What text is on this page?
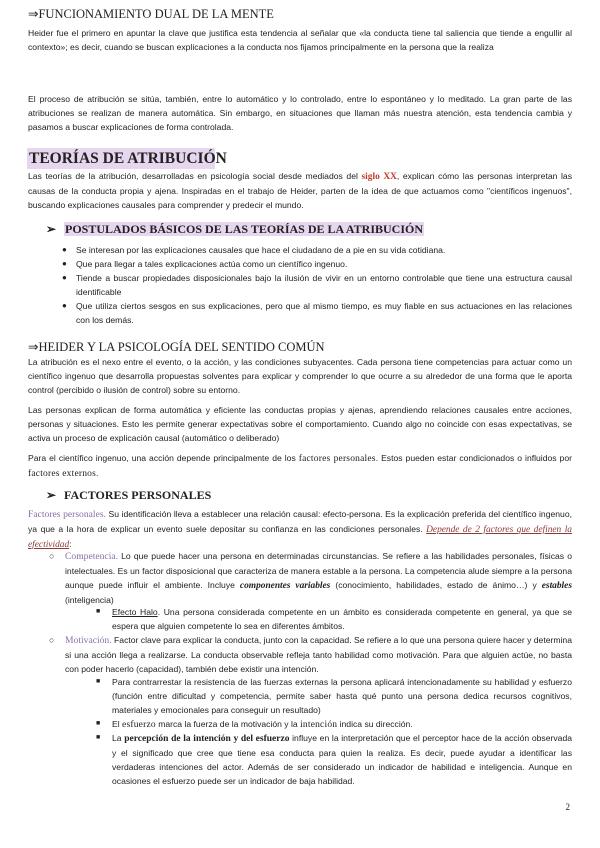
⇒FUNCIONAMIENTO DUAL DE LA MENTE

Heider fue el primero en apuntar la clave que justifica esta tendencia al señalar que «la conducta tiene tal saliencia que tiende a engullir al contexto»; es decir, cuando se buscan explicaciones a la conducta nos fijamos principalmente en la persona que la realiza

El proceso de atribución se sitúa, también, entre lo automático y lo controlado, entre lo espontáneo y lo meditado. La gran parte de las atribuciones se realizan de manera automática. Sin embargo, en situaciones que llaman más nuestra atención, esta tendencia cambia y pasamos a buscar explicaciones de forma controlada.

TEORÍAS DE ATRIBUCIÓN

Las teorías de la atribución, desarrolladas en psicología social desde mediados del siglo XX, explican cómo las personas interpretan las causas de la conducta propia y ajena. Inspiradas en el trabajo de Heider, parten de la idea de que actuamos como "científicos ingenuos", buscando explicaciones causales para comprender y predecir el mundo.

➢ POSTULADOS BÁSICOS DE LAS TEORÍAS DE LA ATRIBUCIÓN
● Se interesan por las explicaciones causales que hace el ciudadano de a pie en su vida cotidiana.
● Que para llegar a tales explicaciones actúa como un científico ingenuo.
● Tiende a buscar propiedades disposicionales bajo la ilusión de vivir en un entorno controlable que tiene una estructura causal identificable
● Que utiliza ciertos sesgos en sus explicaciones, pero que al mismo tiempo, es muy fiable en sus actuaciones en las relaciones con los demás.
⇒HEIDER Y LA PSICOLOGÍA DEL SENTIDO COMÚN

La atribución es el nexo entre el evento, o la acción, y las condiciones subyacentes. Cada persona tiene competencias para actuar como un científico ingenuo que desarrolla propuestas solventes para explicar y comprender lo que ocurre a su alrededor de una forma que le aporta control (percibido o ilusión de control) sobre su entorno.

Las personas explican de forma automática y eficiente las conductas propias y ajenas, aprendiendo relaciones causales entre acciones, personas y situaciones. Esto les permite generar expectativas sobre el comportamiento. Cuando algo no coincide con esas expectativas, se activa un proceso de explicación causal (automático o deliberado)

Para el científico ingenuo, una acción depende principalmente de los factores personales. Estos pueden estar condicionados o influidos por factores externos.

➢ FACTORES PERSONALES

Factores personales. Su identificación lleva a establecer una relación causal: efecto-persona. Es la explicación preferida del científico ingenuo, ya que a la hora de explicar un evento suele depositar su confianza en las condiciones personales. Depende de 2 factores que definen la efectividad:

○ Competencia. Lo que puede hacer una persona en determinadas circunstancias. Se refiere a las habilidades personales, físicas o intelectuales. Es un factor disposicional que caracteriza de manera estable a la persona. La competencia alude siempre a la persona aunque puede influir el ambiente. Incluye componentes variables (conocimiento, habilidades, estado de ánimo…) y estables (inteligencia)

■ Efecto Halo. Una persona considerada competente en un ámbito es considerada competente en general, ya que se espera que alguien competente lo sea en diferentes ámbitos.

○ Motivación. Factor clave para explicar la conducta, junto con la capacidad. Se refiere a lo que una persona quiere hacer y determina si una acción llega a realizarse. La conducta observable refleja tanto habilidad como motivación. Para que alguien actúe, no basta con poder hacerlo (capacidad), también debe existir una intención.

■ Para contrarrestar la resistencia de las fuerzas externas la persona aplicará intencionadamente su habilidad y esfuerzo (función entre dificultad y competencia, permite saber hasta qué punto una persona dedica recursos cognitivos, materiales y emocionales para conseguir un resultado)

■ El esfuerzo marca la fuerza de la motivación y la intención indica su dirección.

■ La percepción de la intención y del esfuerzo influye en la interpretación que el perceptor hace de la acción observada y el significado que cree que tiene esa conducta para quien la realiza. Es decir, puede ayudar a identificar las verdaderas intenciones del actor. Además de ser considerado un indicador de habilidad e inteligencia. Aunque en ocasiones el esfuerzo puede ser un indicador de baja habilidad.

2
